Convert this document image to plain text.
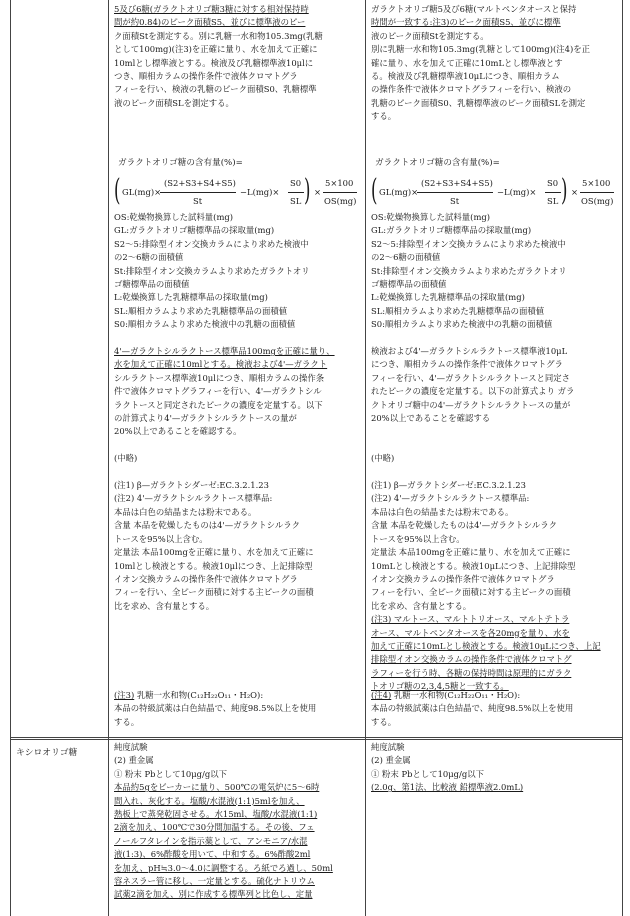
5及び6糖(ガラクトオリゴ糖3糖に対する相対保持時

間が約0.84)のピーク面積S5、並びに標準液のピー

ク面積Stを測定する。別に乳糖一水和物105.3mg(乳糖

として100mg)(注3)を正確に量り、水を加えて正確に

10mlとし標準液とする。検液及び乳糖標準液10μlに

つき、順相カラムの操作条件で液体クロマトグラ

フィーを行い、検液の乳糖のピーク面積S0、乳糖標準

液のピーク面積SLを測定する。

ガラクトオリゴ糖の含有量(%)=
( GL(mg)×
(S2+S3+S4+S5)
St
−L(mg)×
S0
SL ) ×
5×100
OS(mg)

OS:乾燥物換算した試料量(mg)

GL:ガラクトオリゴ糖標準品の採取量(mg)

S2〜5:排除型イオン交換カラムにより求めた検液中

の2〜6糖の面積値

St:排除型イオン交換カラムより求めたガラクトオリ

ゴ糖標準品の面積値

L:乾燥換算した乳糖標準品の採取量(mg)

SL:順相カラムより求めた乳糖標準品の面積値

S0:順相カラムより求めた検液中の乳糖の面積値

4'—ガラクトシルラクトース標準品100mgを正確に量り、

水を加えて正確に10mlとする。検液および4'—ガラクト

シルラクトース標準液10μlにつき、順相カラムの操作条

件で液体クロマトグラフィーを行い、4'—ガラクトシル

ラクトースと同定されたピークの濃度を定量する。以下

の計算式より4'—ガラクトシルラクトースの量が

20%以上であることを確認する。

(中略)

(注1) β—ガラクトシダーゼ:EC.3.2.1.23

(注2) 4'—ガラクトシルラクトース標準品:

本品は白色の結晶または粉末である。

含量 本品を乾燥したものは4'—ガラクトシルラク

トースを95%以上含む。

定量法 本品100mgを正確に量り、水を加えて正確に

10mlとし検液とする。検液10μlにつき、上記排除型

イオン交換カラムの操作条件で液体クロマトグラ

フィーを行い、全ピーク面積に対する主ピークの面積

比を求め、含有量とする。

(注3) 乳糖一水和物(C₁₂H₂₂O₁₁・H₂O):

本品の特級試薬は白色結晶で、純度98.5%以上を使用

する。

ガラクトオリゴ糖5及び6糖(マルトペンタオースと保持

時間が一致する:注3)のピーク面積S5、並びに標準

液のピーク面積Stを測定する。

別に乳糖一水和物105.3mg(乳糖として100mg)(注4)を正

確に量り、水を加えて正確に10mLとし標準液とす

る。検液及び乳糖標準液10μLにつき、順相カラム

の操作条件で液体クロマトグラフィーを行い、検液の

乳糖のピーク面積S0、乳糖標準液のピーク面積SLを測定

する。

ガラクトオリゴ糖の含有量(%)=
( GL(mg)×
(S2+S3+S4+S5)
St
−L(mg)×
S0
SL ) ×
5×100
OS(mg)

OS:乾燥物換算した試料量(mg)

GL:ガラクトオリゴ糖標準品の採取量(mg)

S2〜5:排除型イオン交換カラムにより求めた検液中

の2〜6糖の面積値

St:排除型イオン交換カラムより求めたガラクトオリ

ゴ糖標準品の面積値

L:乾燥換算した乳糖標準品の採取量(mg)

SL:順相カラムより求めた乳糖標準品の面積値

S0:順相カラムより求めた検液中の乳糖の面積値

検液および4'—ガラクトシルラクトース標準液10μL

につき、順相カラムの操作条件で液体クロマトグラ

フィーを行い、4'—ガラクトシルラクトースと同定さ

れたピークの濃度を定量する。以下の計算式より ガラ

クトオリゴ糖中の4'—ガラクトシルラクトースの量が

20%以上であることを確認する

(中略)

(注1) β—ガラクトシダーゼ:EC.3.2.1.23

(注2) 4'—ガラクトシルラクトース標準品:

本品は白色の結晶または粉末である。

含量 本品を乾燥したものは4'—ガラクトシルラク

トースを95%以上含む。

定量法 本品100mgを正確に量り、水を加えて正確に

10mLとし検液とする。検液10μLにつき、上記排除型

イオン交換カラムの操作条件で液体クロマトグラ

フィーを行い、全ピーク面積に対する主ピークの面積

比を求め、含有量とする。

(注3) マルトース、マルトトリオース、マルトテトラ

オース、マルトペンタオースを各20mgを量り、水を

加えて正確に10mLとし検液とする。検液10μLにつき、上記

排除型イオン交換カラムの操作条件で液体クロマトグ

ラフィーを行う時、各糖の保持時間は原理的にガラク

トオリゴ糖の2,3,4,5糖と一致する。

(注4) 乳糖一水和物(C₁₂H₂₂O₁₁・H₂O):

本品の特級試薬は白色結晶で、純度98.5%以上を使用

する。

キシロオリゴ糖

純度試験

(2) 重金属

① 粉末 Pbとして10μg/g以下

本品約5gをビーカーに量り、500℃の電気炉に5〜6時

間入れ、灰化する。塩酸/水混液(1:1)5mlを加え、

熱板上で蒸発乾固させる。水15ml、塩酸/水混液(1:1)

2滴を加え、100℃で30分間加温する。その後、フェ

ノールフタレインを指示薬として、アンモニア/水混

液(1:3)、6%酢酸を用いて、中和する。6%酢酸2ml

を加え、pH≒3.0〜4.0に調整する。ろ紙でろ過し、50ml

容ネスラー管に移し、一定量とする。硫化ナトリウム

試薬2滴を加え、別に作成する標準列と比色し、定量

純度試験

(2) 重金属

① 粉末 Pbとして10μg/g以下

(2.0g、第1法、比較液 鉛標準液2.0mL)
